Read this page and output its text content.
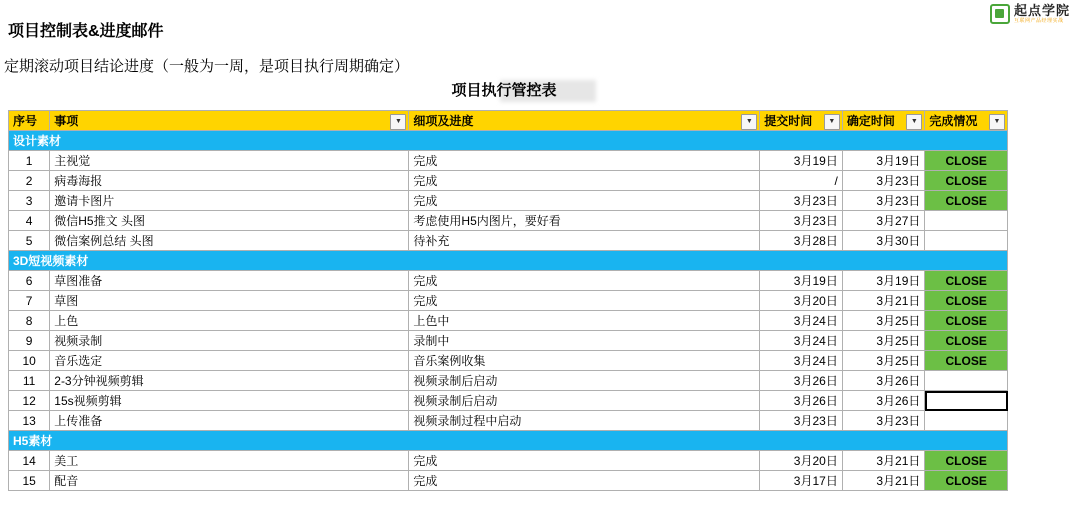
起点学院
互联网产品经理实战
项目控制表&进度邮件

定期滚动项目结论进度（一般为一周，是项目执行周期确定）

项目执行管控表
序号	事项 ▼	细项及进度 ▼	提交时间 ▼	确定时间 ▼	完成情况 ▼

设计素材					
1	主视觉	完成	3月19日	3月19日	CLOSE
2	病毒海报	完成	/	3月23日	CLOSE
3	邀请卡图片	完成	3月23日	3月23日	CLOSE
4	微信H5推文 头图	考虑使用H5内图片，要好看	3月23日	3月27日	
5	微信案例总结 头图	待补充	3月28日	3月30日	
3D短视频素材					
6	草图准备	完成	3月19日	3月19日	CLOSE
7	草图	完成	3月20日	3月21日	CLOSE
8	上色	上色中	3月24日	3月25日	CLOSE
9	视频录制	录制中	3月24日	3月25日	CLOSE
10	音乐选定	音乐案例收集	3月24日	3月25日	CLOSE
11	2-3分钟视频剪辑	视频录制后启动	3月26日	3月26日	
12	15s视频剪辑	视频录制后启动	3月26日	3月26日	
13	上传准备	视频录制过程中启动	3月23日	3月23日	
H5素材					
14	美工	完成	3月20日	3月21日	CLOSE
15	配音	完成	3月17日	3月21日	CLOSE
